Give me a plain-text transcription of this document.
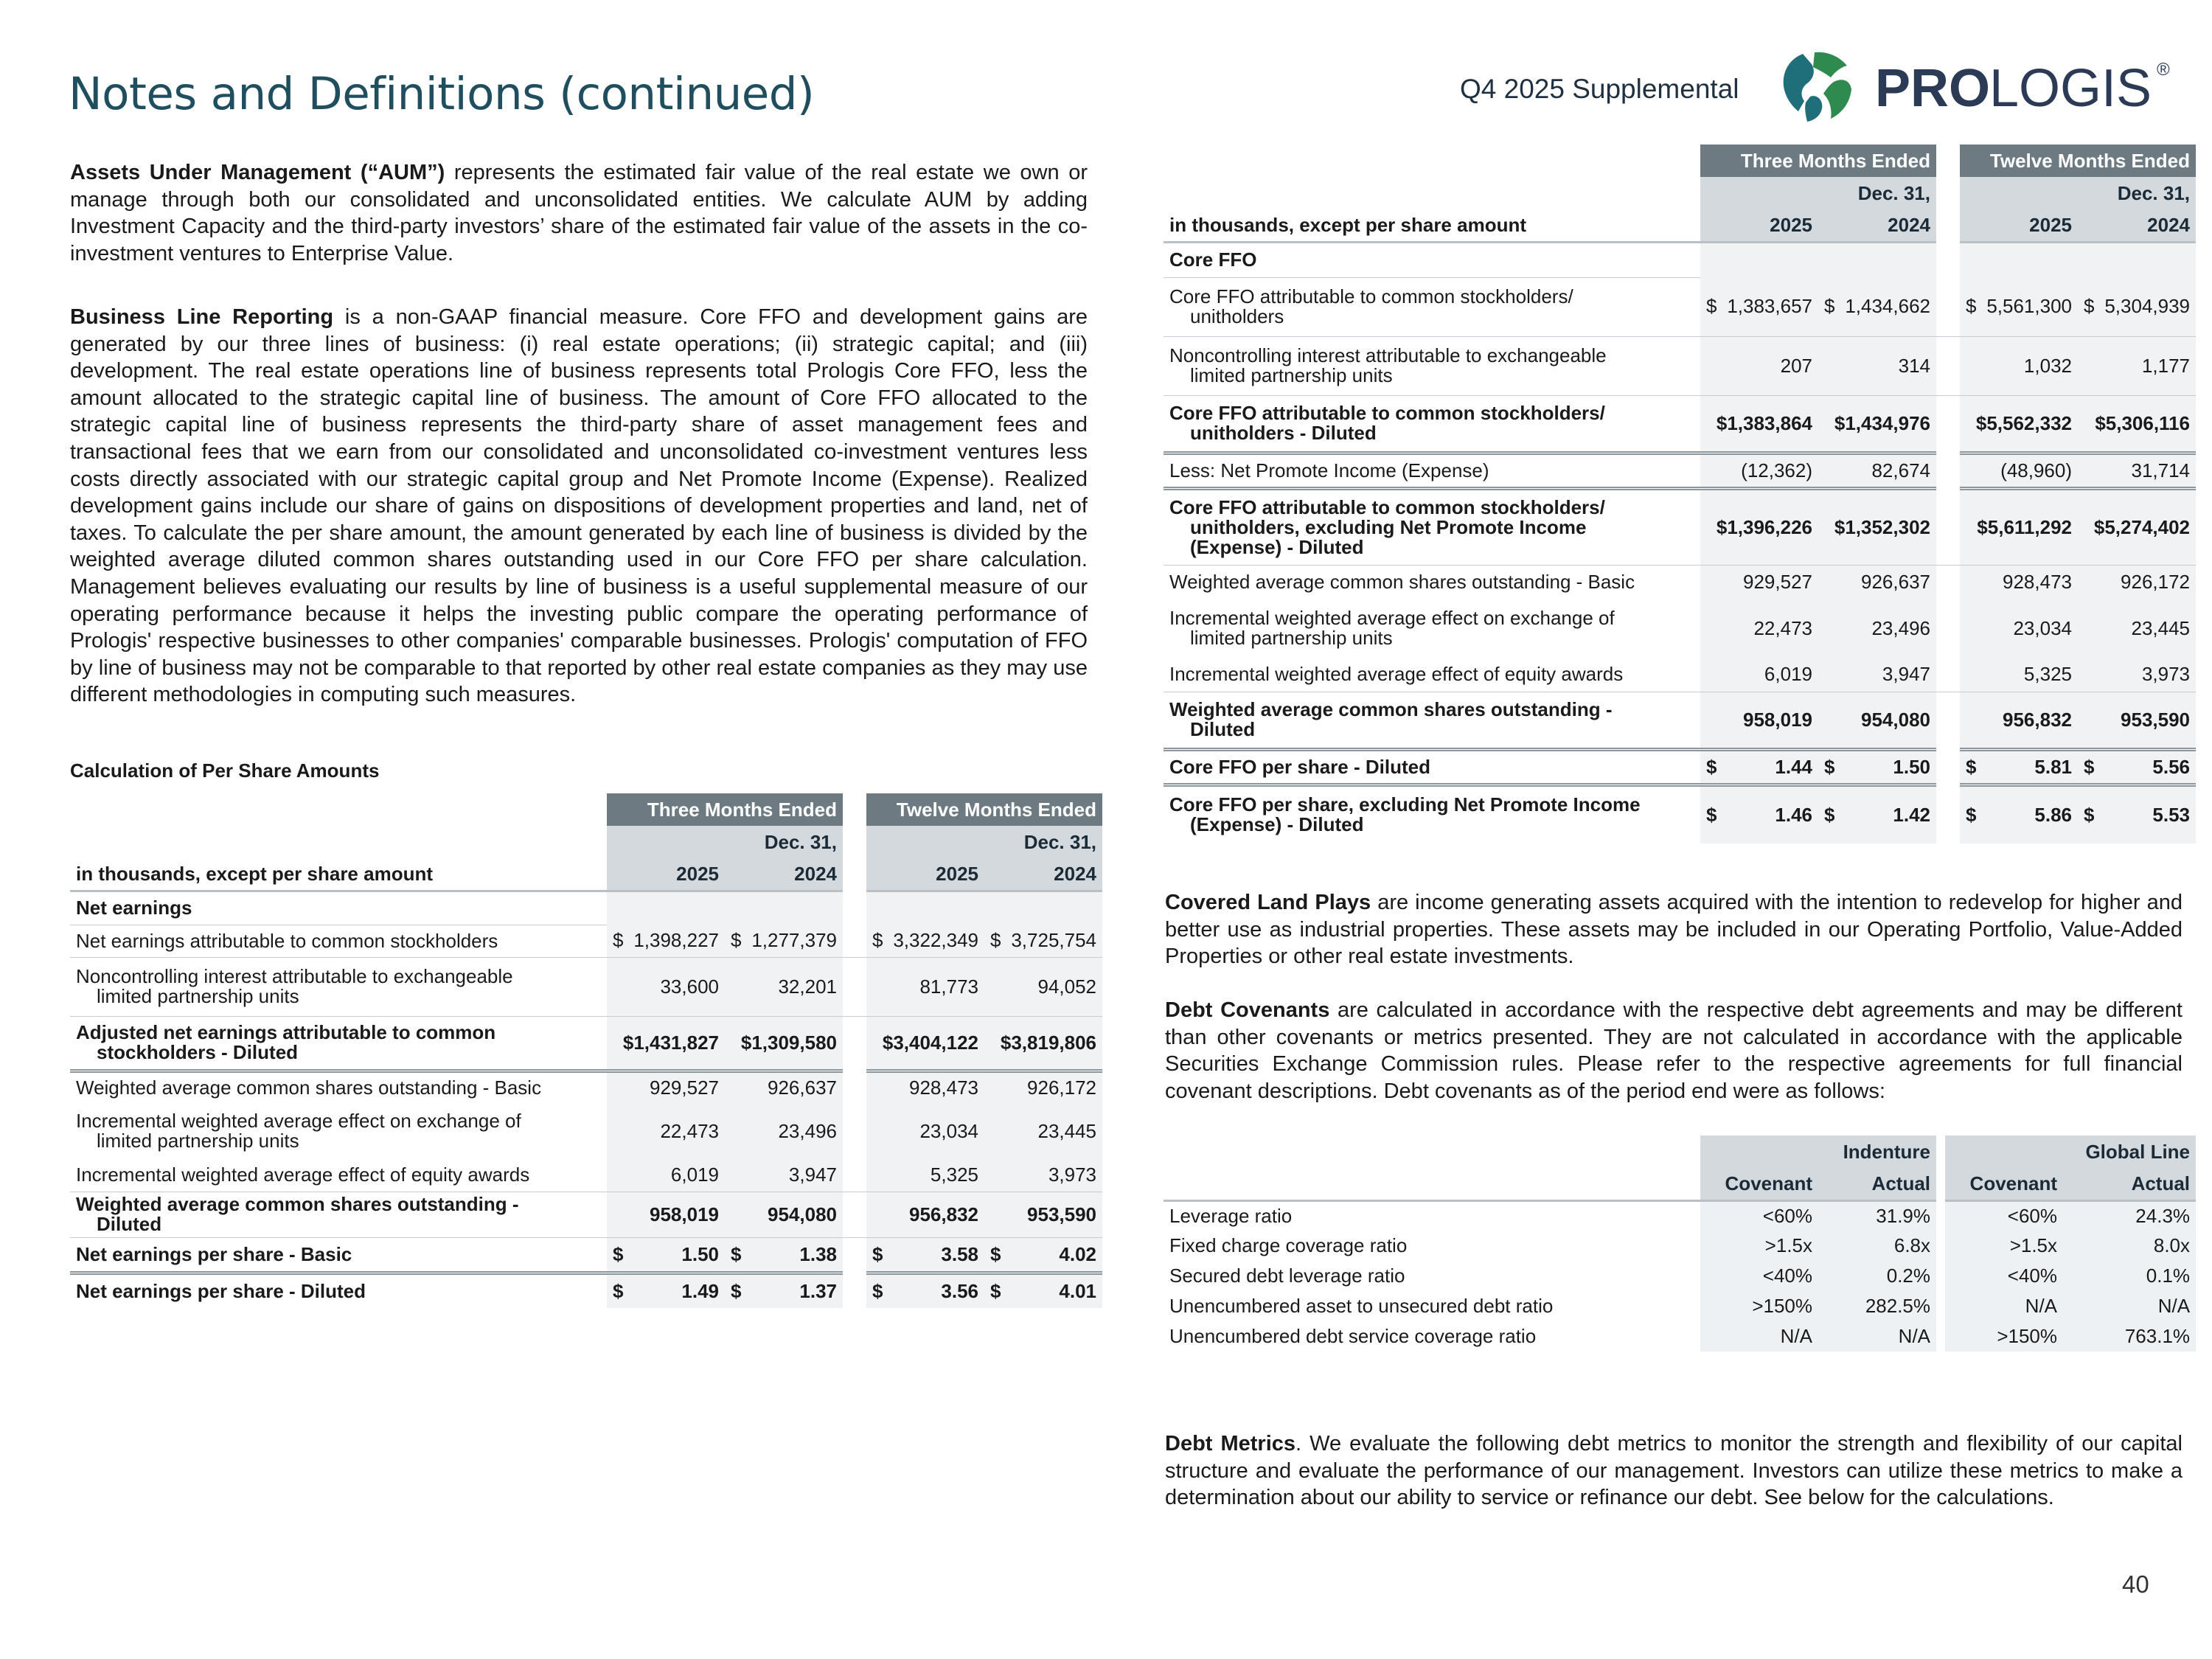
Notes and Definitions (continued)	Q4 2025 Supplemental	PRO
LOGIS ®
Assets Under Management (“AUM”) represents the estimated fair value of the real estate we own or manage through both our consolidated and unconsolidated entities. We calculate AUM by adding Investment Capacity and the third-party investors’ share of the estimated fair value of the assets in the co-investment ventures to Enterprise Value.
Business Line Reporting is a non-GAAP financial measure. Core FFO and development gains are generated by our three lines of business: (i) real estate operations; (ii) strategic capital; and (iii) development. The real estate operations line of business represents total Prologis Core FFO, less the amount allocated to the strategic capital line of business. The amount of Core FFO allocated to the strategic capital line of business represents the third-party share of asset management fees and transactional fees that we earn from our consolidated and unconsolidated co-investment ventures less costs directly associated with our strategic capital group and Net Promote Income (Expense). Realized development gains include our share of gains on dispositions of development properties and land, net of taxes. To calculate the per share amount, the amount generated by each line of business is divided by the weighted average diluted common shares outstanding used in our Core FFO per share calculation. Management believes evaluating our results by line of business is a useful supplemental measure of our operating performance because it helps the investing public compare the operating performance of Prologis' respective businesses to other companies' comparable businesses. Prologis' computation of FFO by line of business may not be comparable to that reported by other real estate companies as they may use different methodologies in computing such measures.
Calculation of Per Share Amounts
	Three Months Ended			Twelve Months Ended	
	Dec. 31,			Dec. 31,	
in thousands, except per share amount	2025	2024		2025	2024
Net earnings					
Net earnings attributable to common stockholders	$ 1,398,227	$ 1,277,379		$ 3,322,349	$ 3,725,754
Noncontrolling interest attributable to exchangeable
limited partnership units	33,600	32,201		81,773	94,052
Adjusted net earnings attributable to common
stockholders - Diluted	$1,431,827	$1,309,580		$3,404,122	$3,819,806
Weighted average common shares outstanding - Basic	929,527	926,637		928,473	926,172
Incremental weighted average effect on exchange of
limited partnership units	22,473	23,496		23,034	23,445
Incremental weighted average effect of equity awards	6,019	3,947		5,325	3,973
Weighted average common shares outstanding -
Diluted	958,019	954,080		956,832	953,590
Net earnings per share - Basic	$ 1.50	$ 1.38		$ 3.58	$ 4.02
Net earnings per share - Diluted	$ 1.49	$ 1.37		$ 3.56	$ 4.01
	Three Months Ended			Twelve Months Ended	
	Dec. 31,			Dec. 31,	
in thousands, except per share amount	2025	2024		2025	2024
Core FFO					
Core FFO attributable to common stockholders/
unitholders	$ 1,383,657	$ 1,434,662		$ 5,561,300	$ 5,304,939
Noncontrolling interest attributable to exchangeable
limited partnership units	207	314		1,032	1,177
Core FFO attributable to common stockholders/
unitholders - Diluted	$1,383,864	$1,434,976		$5,562,332	$5,306,116
Less: Net Promote Income (Expense)	(12,362)	82,674		(48,960)	31,714
Core FFO attributable to common stockholders/
unitholders, excluding Net Promote Income
(Expense) - Diluted	$1,396,226	$1,352,302		$5,611,292	$5,274,402
Weighted average common shares outstanding - Basic	929,527	926,637		928,473	926,172
Incremental weighted average effect on exchange of
limited partnership units	22,473	23,496		23,034	23,445
Incremental weighted average effect of equity awards	6,019	3,947		5,325	3,973
Weighted average common shares outstanding -
Diluted	958,019	954,080		956,832	953,590
Core FFO per share - Diluted	$ 1.44	$ 1.50		$ 5.81	$ 5.56
Core FFO per share, excluding Net Promote Income
(Expense) - Diluted	$ 1.46	$ 1.42		$ 5.86	$ 5.53
Covered Land Plays are income generating assets acquired with the intention to redevelop for higher and better use as industrial properties. These assets may be included in our Operating Portfolio, Value-Added Properties or other real estate investments.
Debt Covenants are calculated in accordance with the respective debt agreements and may be different than other covenants or metrics presented. They are not calculated in accordance with the applicable Securities Exchange Commission rules. Please refer to the respective agreements for full financial covenant descriptions. Debt covenants as of the period end were as follows:
	Indenture			Global Line	
	Covenant	Actual		Covenant	Actual
Leverage ratio	<60%	31.9%		<60%	24.3%
Fixed charge coverage ratio	>1.5x	6.8x		>1.5x	8.0x
Secured debt leverage ratio	<40%	0.2%		<40%	0.1%
Unencumbered asset to unsecured debt ratio	>150%	282.5%		N/A	N/A
Unencumbered debt service coverage ratio	N/A	N/A		>150%	763.1%
Debt Metrics. We evaluate the following debt metrics to monitor the strength and flexibility of our capital structure and evaluate the performance of our management. Investors can utilize these metrics to make a determination about our ability to service or refinance our debt. See below for the calculations.
40
